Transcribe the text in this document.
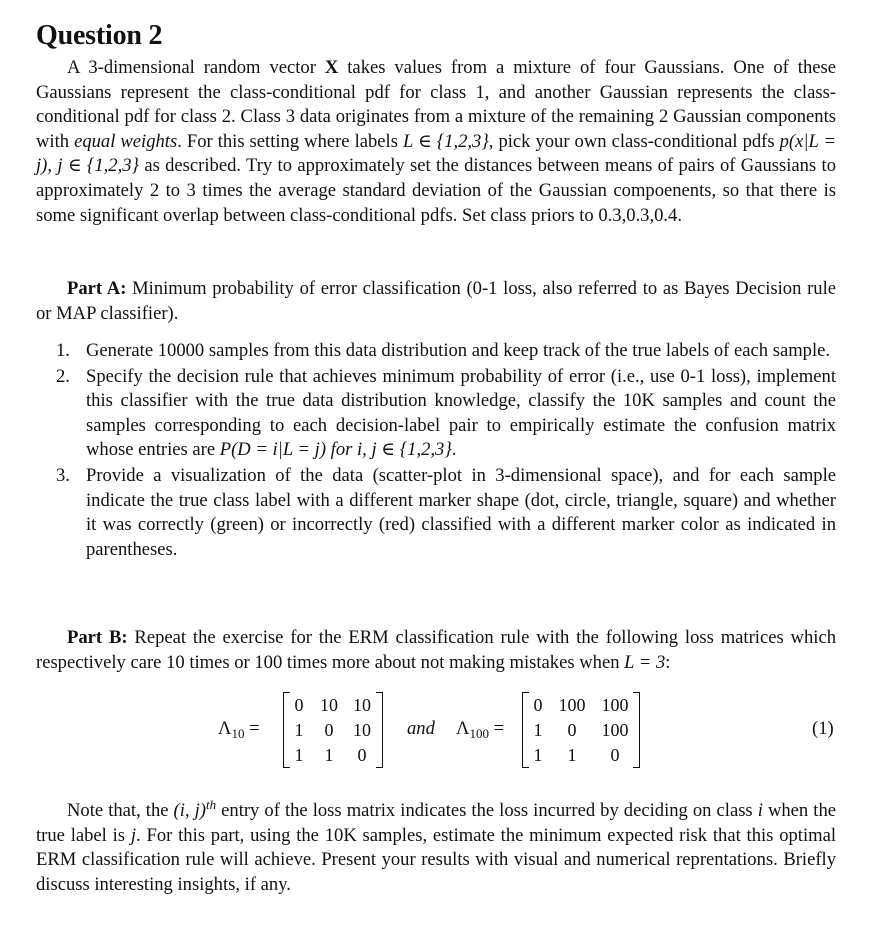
Question 2

A 3-dimensional random vector X takes values from a mixture of four Gaussians. One of these Gaussians represent the class-conditional pdf for class 1, and another Gaussian represents the class-conditional pdf for class 2. Class 3 data originates from a mixture of the remaining 2 Gaussian components with equal weights. For this setting where labels L ∈ {1,2,3}, pick your own class-conditional pdfs p(x|L = j), j ∈ {1,2,3} as described. Try to approximately set the distances between means of pairs of Gaussians to approximately 2 to 3 times the average standard deviation of the Gaussian compoenents, so that there is some significant overlap between class-conditional pdfs. Set class priors to 0.3,0.3,0.4.

Part A: Minimum probability of error classification (0-1 loss, also referred to as Bayes Decision rule or MAP classifier).

1. Generate 10000 samples from this data distribution and keep track of the true labels of each sample.
2. Specify the decision rule that achieves minimum probability of error (i.e., use 0-1 loss), implement this classifier with the true data distribution knowledge, classify the 10K samples and count the samples corresponding to each decision-label pair to empirically estimate the confusion matrix whose entries are P(D = i|L = j) for i, j ∈ {1,2,3}.
3. Provide a visualization of the data (scatter-plot in 3-dimensional space), and for each sample indicate the true class label with a different marker shape (dot, circle, triangle, square) and whether it was correctly (green) or incorrectly (red) classified with a different marker color as indicated in parentheses.

Part B: Repeat the exercise for the ERM classification rule with the following loss matrices which respectively care 10 times or 100 times more about not making mistakes when L = 3:

$\Lambda_{10}$ =
0 10 10
1	0	10
1	1	0
and $\Lambda_{100}$ =
0 100 100
1	0	100
1	1	0
(1)

Note that, the (i, j)$^{th}$ entry of the loss matrix indicates the loss incurred by deciding on class i when the true label is j. For this part, using the 10K samples, estimate the minimum expected risk that this optimal ERM classification rule will achieve. Present your results with visual and numerical reprentations. Briefly discuss interesting insights, if any.
